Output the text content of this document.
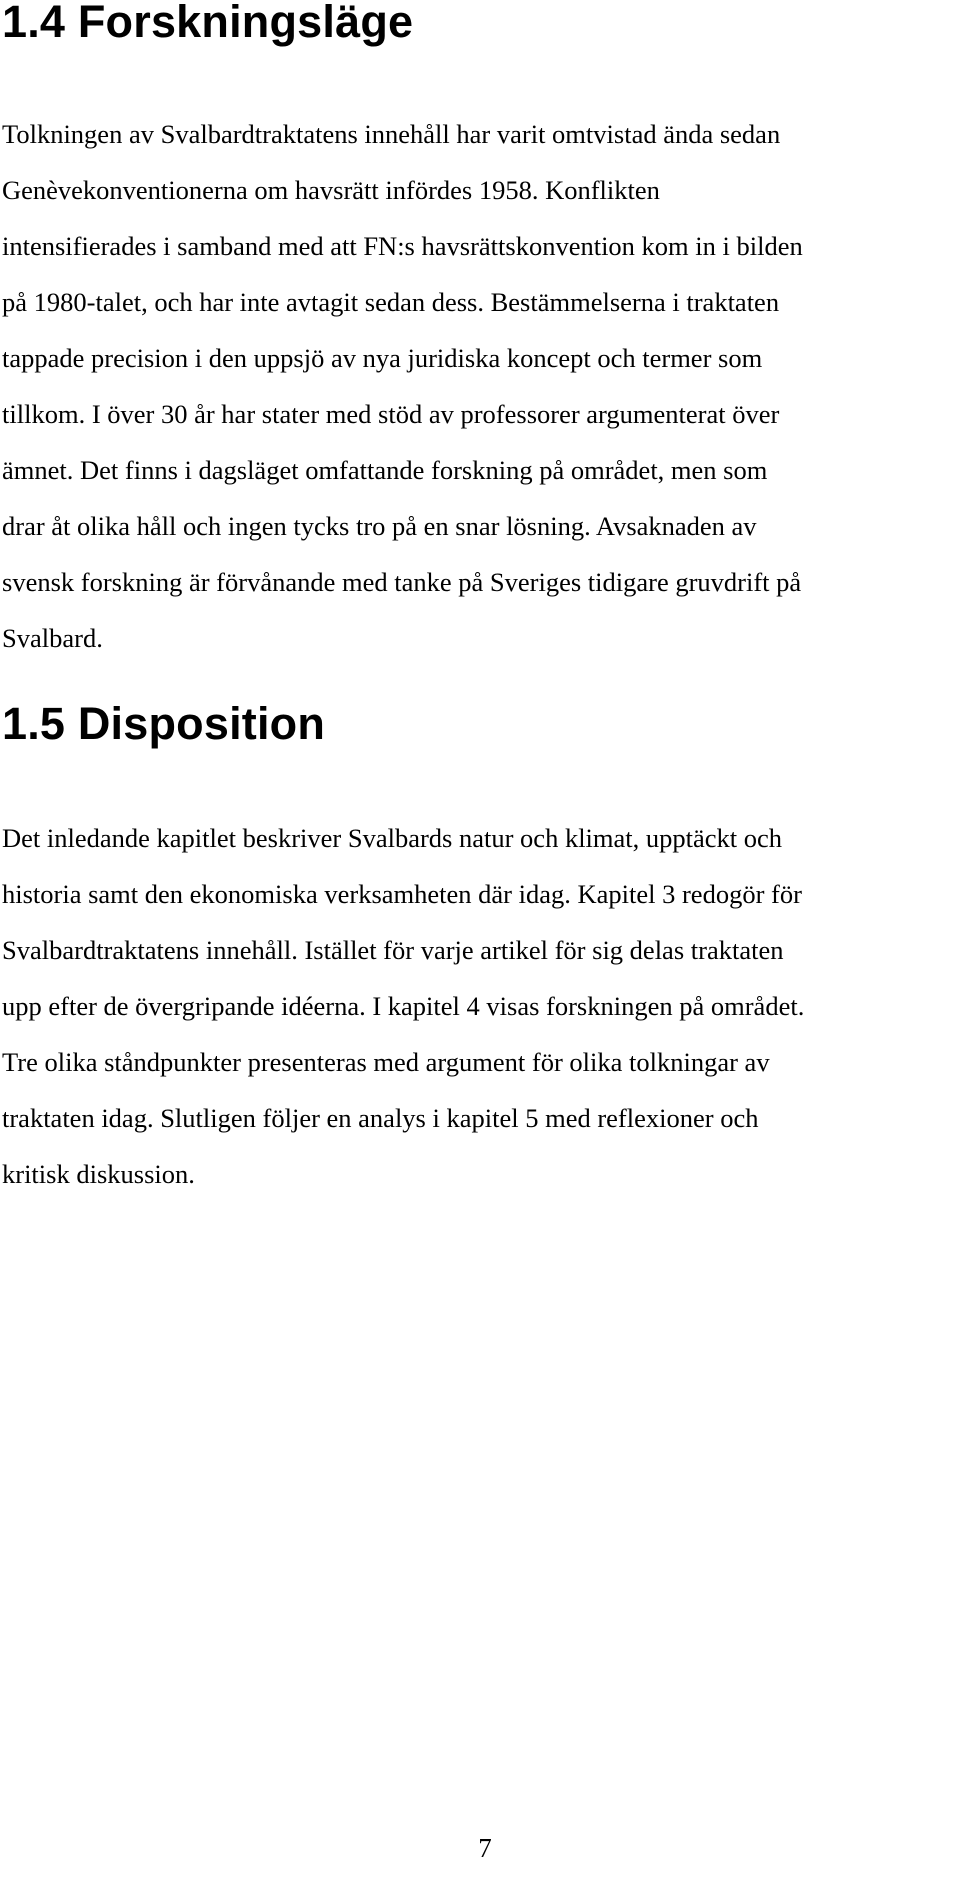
1.4 Forskningsläge

Tolkningen av Svalbardtraktatens innehåll har varit omtvistad ända sedan
Genèvekonventionerna om havsrätt infördes 1958. Konflikten
intensifierades i samband med att FN:s havsrättskonvention kom in i bilden
på 1980-talet, och har inte avtagit sedan dess. Bestämmelserna i traktaten
tappade precision i den uppsjö av nya juridiska koncept och termer som
tillkom. I över 30 år har stater med stöd av professorer argumenterat över
ämnet. Det finns i dagsläget omfattande forskning på området, men som
drar åt olika håll och ingen tycks tro på en snar lösning. Avsaknaden av
svensk forskning är förvånande med tanke på Sveriges tidigare gruvdrift på
Svalbard.

1.5 Disposition

Det inledande kapitlet beskriver Svalbards natur och klimat, upptäckt och
historia samt den ekonomiska verksamheten där idag. Kapitel 3 redogör för
Svalbardtraktatens innehåll. Istället för varje artikel för sig delas traktaten
upp efter de övergripande idéerna. I kapitel 4 visas forskningen på området.
Tre olika ståndpunkter presenteras med argument för olika tolkningar av
traktaten idag. Slutligen följer en analys i kapitel 5 med reflexioner och
kritisk diskussion.

7
